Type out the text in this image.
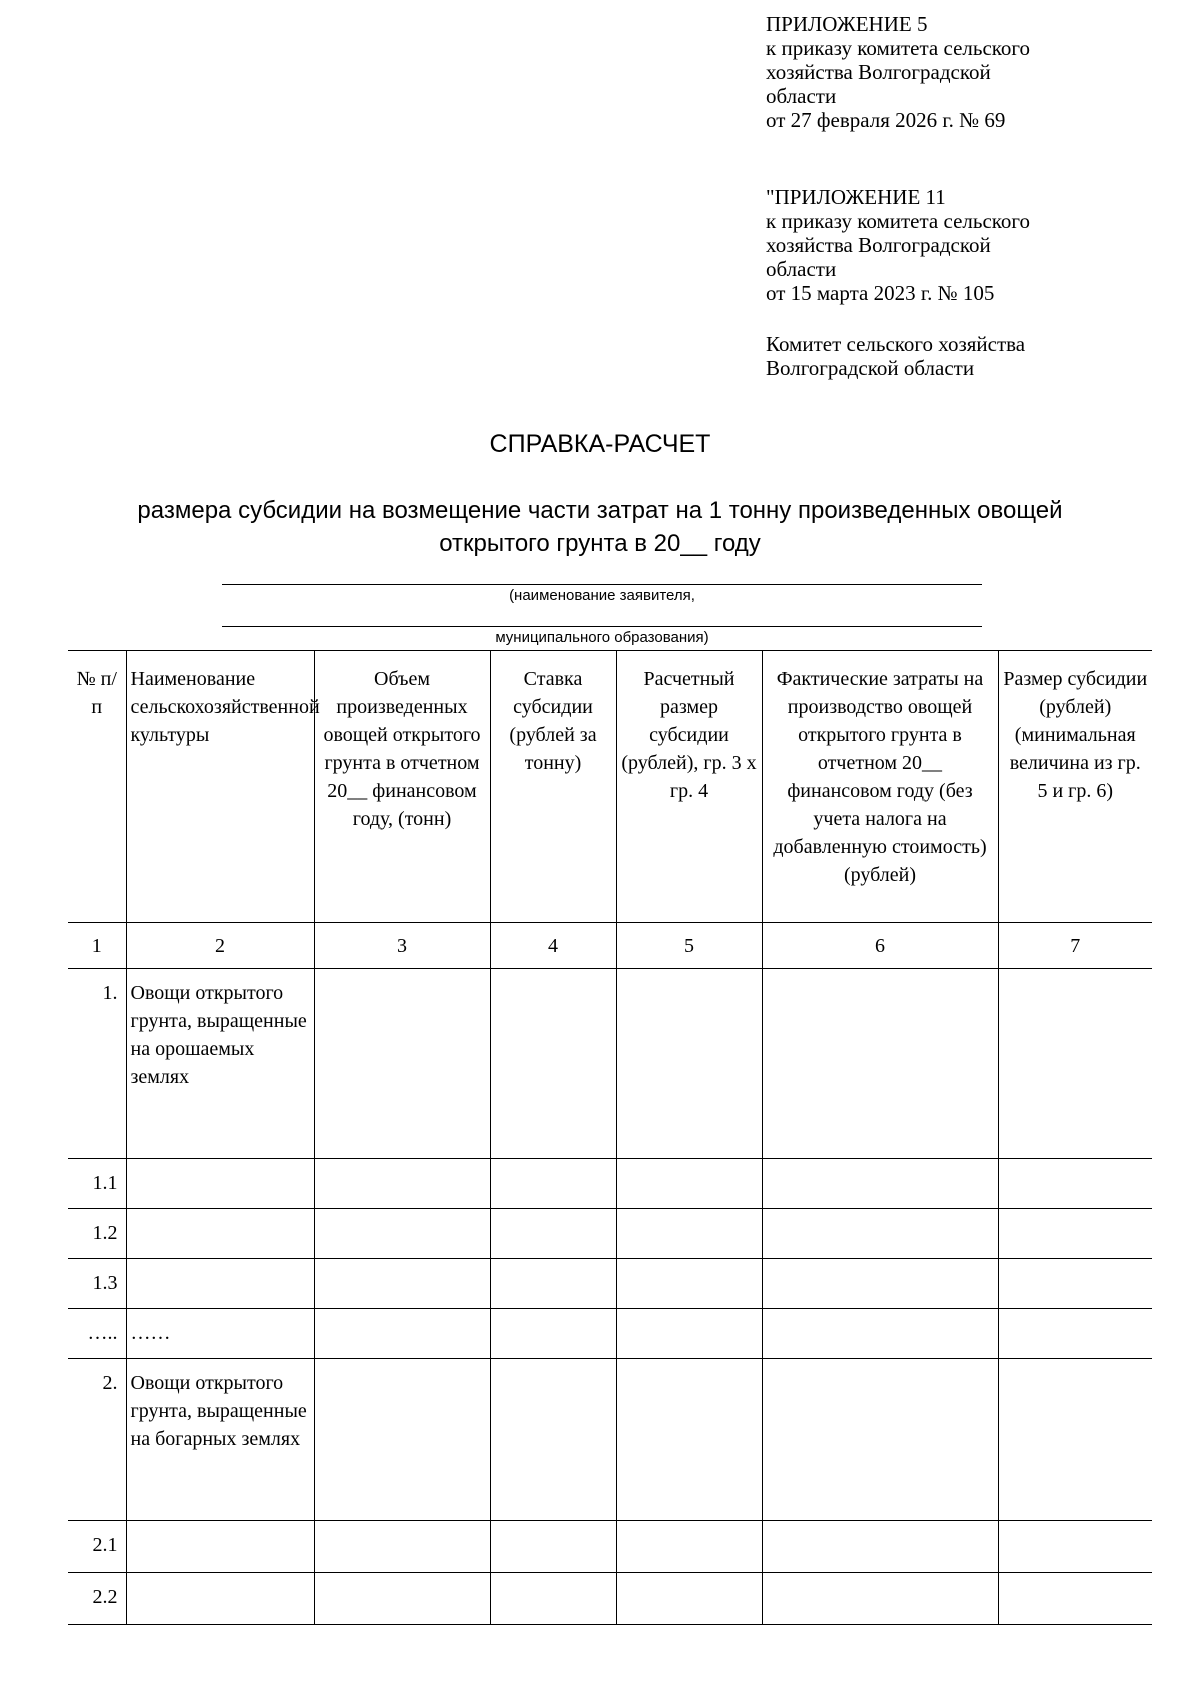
ПРИЛОЖЕНИЕ 5
к приказу комитета сельского
хозяйства Волгоградской
области
от 27 февраля 2026 г. № 69
"ПРИЛОЖЕНИЕ 11
к приказу комитета сельского
хозяйства Волгоградской
области
от 15 марта 2023 г. № 105
Комитет сельского хозяйства
Волгоградской области
СПРАВКА-РАСЧЕТ
размера субсидии на возмещение части затрат на 1 тонну произведенных овощей
открытого грунта в 20__ году
(наименование заявителя,
муниципального образования)
№ п/п	Наименование сельскохозяйственной культуры	Объем произведенных овощей открытого грунта в отчетном 20__ финансовом году, (тонн)	Ставка субсидии (рублей за тонну)	Расчетный размер субсидии (рублей), гр. 3 х гр. 4	Фактические затраты на производство овощей открытого грунта в отчетном 20__ финансовом году (без учета налога на добавленную стоимость) (рублей)	Размер субсидии (рублей) (минимальная величина из гр. 5 и гр. 6)
1	2	3	4	5	6	7
1.	Овощи открытого грунта, выращенные на орошаемых землях					
1.1						
1.2						
1.3						
…..	……					
2.	Овощи открытого грунта, выращенные на богарных землях					
2.1						
2.2						
